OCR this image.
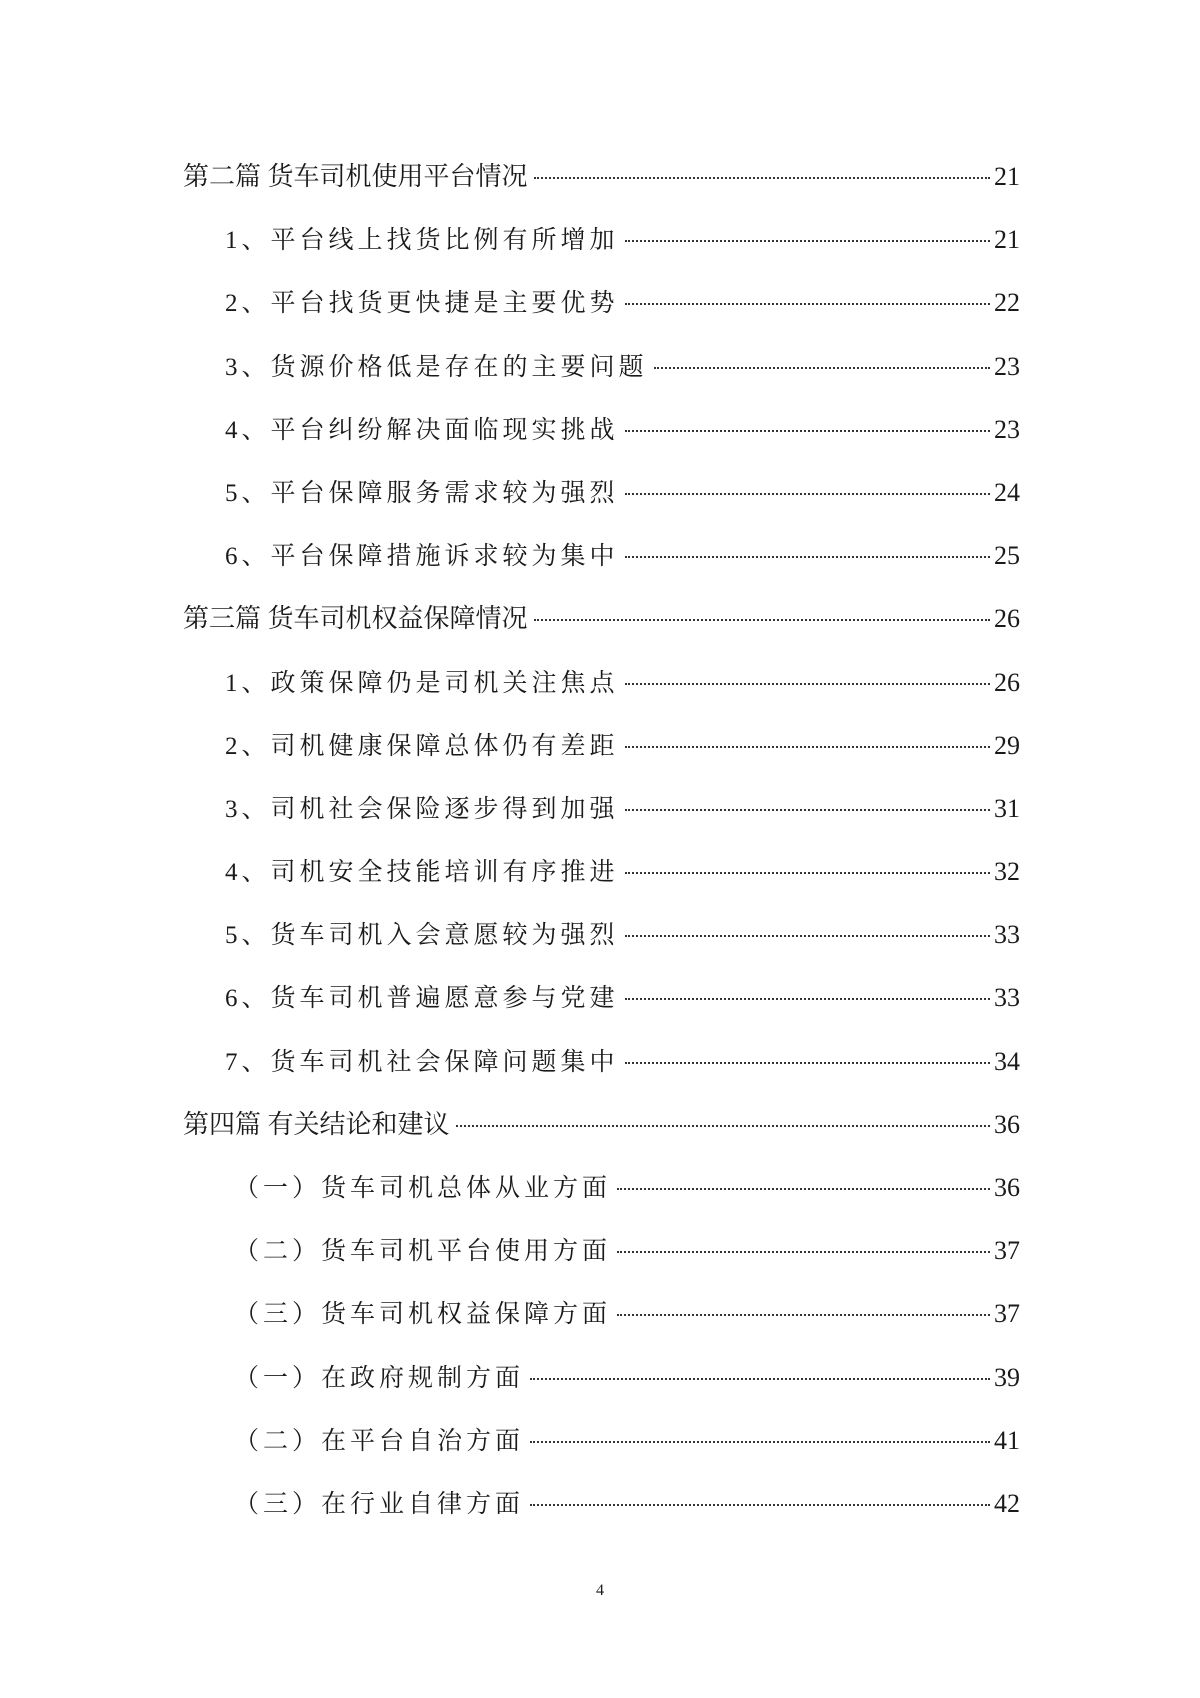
第二篇 货车司机使用平台情况	21
1、平台线上找货比例有所增加	21
2、平台找货更快捷是主要优势	22
3、货源价格低是存在的主要问题	23
4、平台纠纷解决面临现实挑战	23
5、平台保障服务需求较为强烈	24
6、平台保障措施诉求较为集中	25
第三篇 货车司机权益保障情况	26
1、政策保障仍是司机关注焦点	26
2、司机健康保障总体仍有差距	29
3、司机社会保险逐步得到加强	31
4、司机安全技能培训有序推进	32
5、货车司机入会意愿较为强烈	33
6、货车司机普遍愿意参与党建	33
7、货车司机社会保障问题集中	34
第四篇 有关结论和建议	36
（一）货车司机总体从业方面	36
（二）货车司机平台使用方面	37
（三）货车司机权益保障方面	37
（一）在政府规制方面	39
（二）在平台自治方面	41
（三）在行业自律方面	42
4
